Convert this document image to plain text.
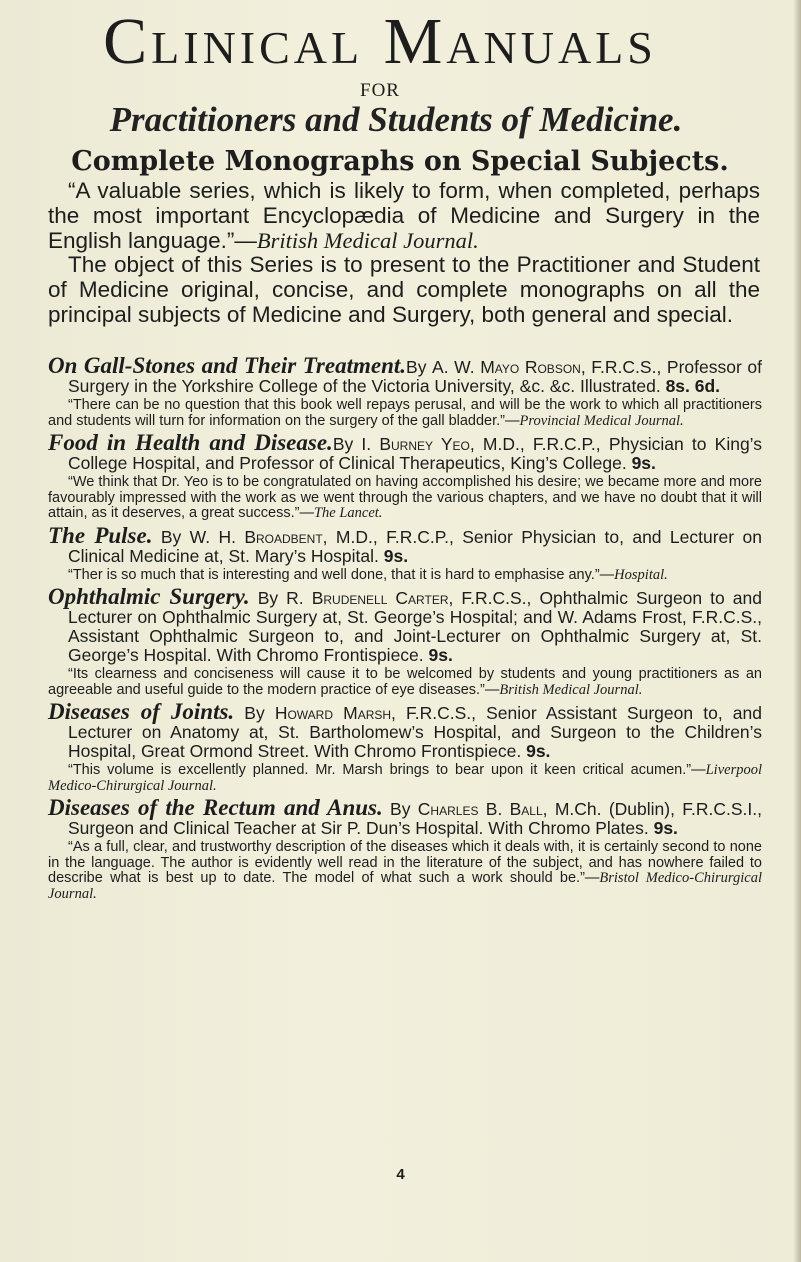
Clinical Manuals
FOR
Practitioners and Students of Medicine.
Complete Monographs on Special Subjects.
“A valuable series, which is likely to form, when completed, perhaps the most important Encyclopædia of Medicine and Surgery in the English language.”—British Medical Journal.
The object of this Series is to present to the Practitioner and Student of Medicine original, concise, and complete monographs on all the principal subjects of Medicine and Surgery, both general and special.
On Gall-Stones and Their Treatment.By A. W. Mayo Robson, F.R.C.S., Professor of Surgery in the Yorkshire College of the Victoria University, &c. &c. Illustrated. 8s. 6d.
“There can be no question that this book well repays perusal, and will be the work to which all practitioners and students will turn for information on the surgery of the gall bladder.”—Provincial Medical Journal.
Food in Health and Disease.By I. Burney Yeo, M.D., F.R.C.P., Physician to King’s College Hospital, and Professor of Clinical Therapeutics, King’s College. 9s.
“We think that Dr. Yeo is to be congratulated on having accomplished his desire; we became more and more favourably impressed with the work as we went through the various chapters, and we have no doubt that it will attain, as it deserves, a great success.”—The Lancet.
The Pulse. By W. H. Broadbent, M.D., F.R.C.P., Senior Physician to, and Lecturer on Clinical Medicine at, St. Mary’s Hospital. 9s.
“Ther is so much that is interesting and well done, that it is hard to emphasise any.”—Hospital.
Ophthalmic Surgery. By R. Brudenell Carter, F.R.C.S., Ophthalmic Surgeon to and Lecturer on Ophthalmic Surgery at, St. George’s Hospital; and W. Adams Frost, F.R.C.S., Assistant Ophthalmic Surgeon to, and Joint-Lecturer on Ophthalmic Surgery at, St. George’s Hospital. With Chromo Frontispiece. 9s.
“Its clearness and conciseness will cause it to be welcomed by students and young practitioners as an agreeable and useful guide to the modern practice of eye diseases.”—British Medical Journal.
Diseases of Joints. By Howard Marsh, F.R.C.S., Senior Assistant Surgeon to, and Lecturer on Anatomy at, St. Bartholomew’s Hospital, and Surgeon to the Children’s Hospital, Great Ormond Street. With Chromo Frontispiece. 9s.
“This volume is excellently planned. Mr. Marsh brings to bear upon it keen critical acumen.”—Liverpool Medico-Chirurgical Journal.
Diseases of the Rectum and Anus. By Charles B. Ball, M.Ch. (Dublin), F.R.C.S.I., Surgeon and Clinical Teacher at Sir P. Dun’s Hospital. With Chromo Plates. 9s.
“As a full, clear, and trustworthy description of the diseases which it deals with, it is certainly second to none in the language. The author is evidently well read in the literature of the subject, and has nowhere failed to describe what is best up to date. The model of what such a work should be.”—Bristol Medico-Chirurgical Journal.
4
